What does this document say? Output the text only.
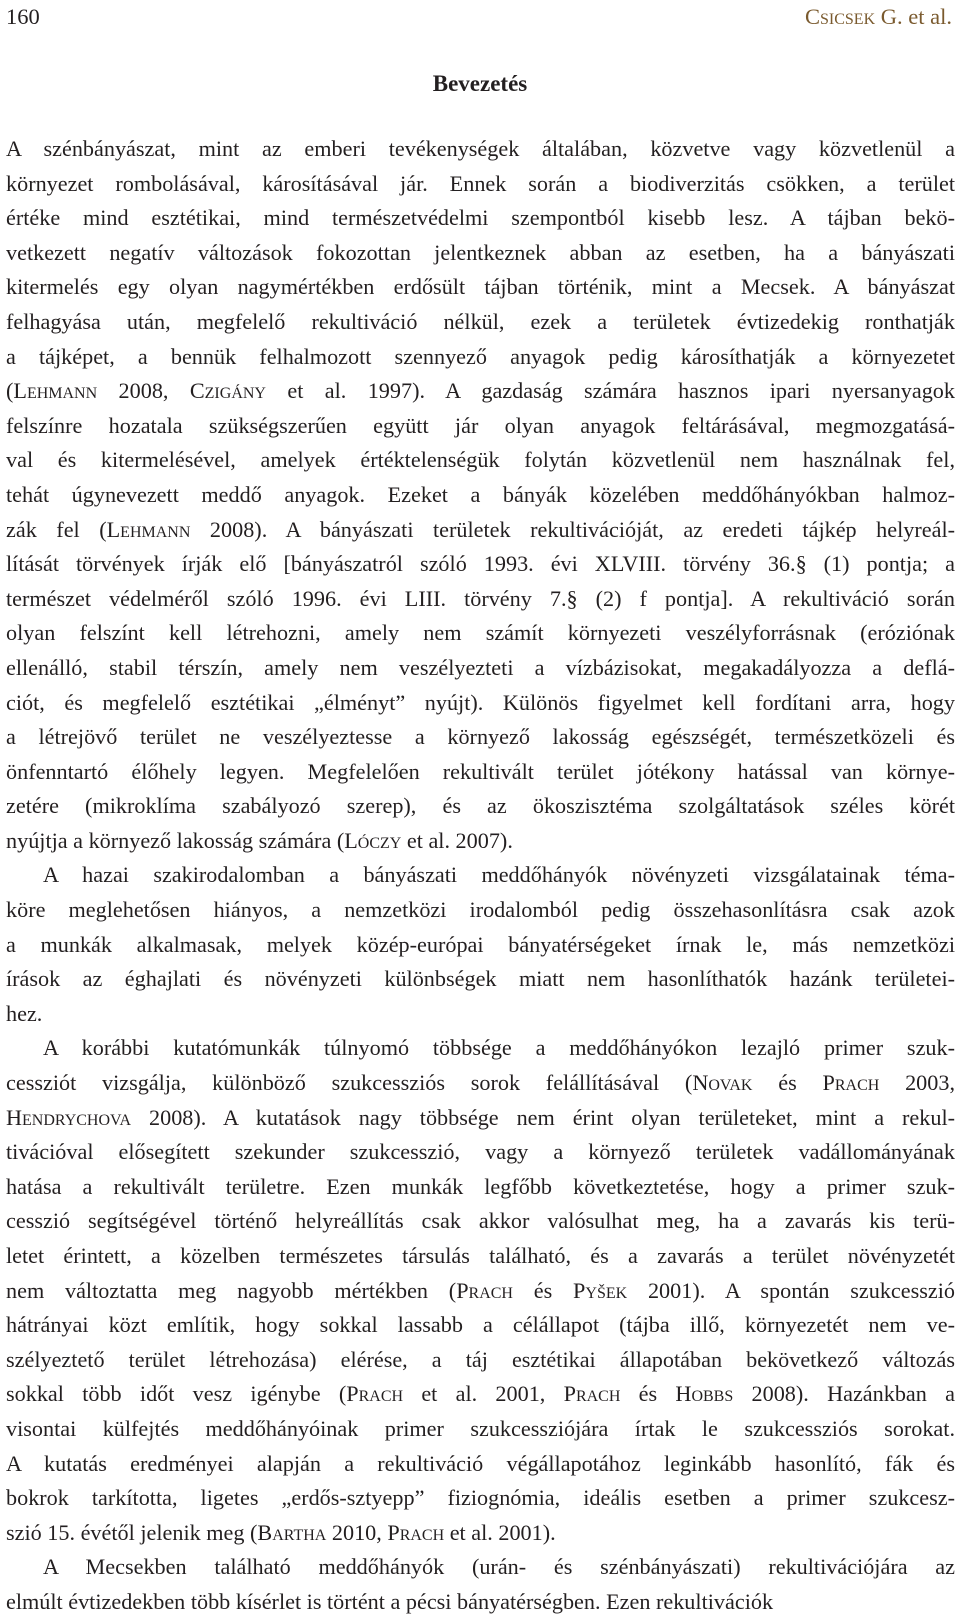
160	Csicsek G. et al.
Bevezetés
A szénbányászat, mint az emberi tevékenységek általában, közvetve vagy közvetlenül a
környezet rombolásával, károsításával jár. Ennek során a biodiverzitás csökken, a terület
értéke mind esztétikai, mind természetvédelmi szempontból kisebb lesz. A tájban bekö-
vetkezett negatív változások fokozottan jelentkeznek abban az esetben, ha a bányászati
kitermelés egy olyan nagymértékben erdősült tájban történik, mint a Mecsek. A bányászat
felhagyása után, megfelelő rekultiváció nélkül, ezek a területek évtizedekig ronthatják
a tájképet, a bennük felhalmozott szennyező anyagok pedig károsíthatják a környezetet
(Lehmann 2008, Czigány et al. 1997). A gazdaság számára hasznos ipari nyersanyagok
felszínre hozatala szükségszerűen együtt jár olyan anyagok feltárásával, megmozgatásá-
val és kitermelésével, amelyek értéktelenségük folytán közvetlenül nem használnak fel,
tehát úgynevezett meddő anyagok. Ezeket a bányák közelében meddőhányókban halmoz-
zák fel (Lehmann 2008). A bányászati területek rekultivációját, az eredeti tájkép helyreál-
lítását törvények írják elő [bányászatról szóló 1993. évi XLVIII. törvény 36.§ (1) pontja; a
természet védelméről szóló 1996. évi LIII. törvény 7.§ (2) f pontja]. A rekultiváció során
olyan felszínt kell létrehozni, amely nem számít környezeti veszélyforrásnak (eróziónak
ellenálló, stabil térszín, amely nem veszélyezteti a vízbázisokat, megakadályozza a deflá-
ciót, és megfelelő esztétikai „élményt” nyújt). Különös figyelmet kell fordítani arra, hogy
a létrejövő terület ne veszélyeztesse a környező lakosság egészségét, természetközeli és
önfenntartó élőhely legyen. Megfelelően rekultivált terület jótékony hatással van környe-
zetére (mikroklíma szabályozó szerep), és az ökoszisztéma szolgáltatások széles körét
nyújtja a környező lakosság számára (Lóczy et al. 2007).
A hazai szakirodalomban a bányászati meddőhányók növényzeti vizsgálatainak téma-
köre meglehetősen hiányos, a nemzetközi irodalomból pedig összehasonlításra csak azok
a munkák alkalmasak, melyek közép-európai bányatérségeket írnak le, más nemzetközi
írások az éghajlati és növényzeti különbségek miatt nem hasonlíthatók hazánk területei-
hez.
A korábbi kutatómunkák túlnyomó többsége a meddőhányókon lezajló primer szuk-
cessziót vizsgálja, különböző szukcessziós sorok felállításával (Novak és Prach 2003,
Hendrychova 2008). A kutatások nagy többsége nem érint olyan területeket, mint a rekul-
tivációval elősegített szekunder szukcesszió, vagy a környező területek vadállományának
hatása a rekultivált területre. Ezen munkák legfőbb következtetése, hogy a primer szuk-
cesszió segítségével történő helyreállítás csak akkor valósulhat meg, ha a zavarás kis terü-
letet érintett, a közelben természetes társulás található, és a zavarás a terület növényzetét
nem változtatta meg nagyobb mértékben (Prach és Pyšek 2001). A spontán szukcesszió
hátrányai közt említik, hogy sokkal lassabb a célállapot (tájba illő, környezetét nem ve-
szélyeztető terület létrehozása) elérése, a táj esztétikai állapotában bekövetkező változás
sokkal több időt vesz igénybe (Prach et al. 2001, Prach és Hobbs 2008). Hazánkban a
visontai külfejtés meddőhányóinak primer szukcessziójára írtak le szukcessziós sorokat.
A kutatás eredményei alapján a rekultiváció végállapotához leginkább hasonlító, fák és
bokrok tarkította, ligetes „erdős-sztyepp” fiziognómia, ideális esetben a primer szukcesz-
szió 15. évétől jelenik meg (Bartha 2010, Prach et al. 2001).
A Mecsekben található meddőhányók (urán- és szénbányászati) rekultivációjára az
elmúlt évtizedekben több kísérlet is történt a pécsi bányatérségben. Ezen rekultivációk
